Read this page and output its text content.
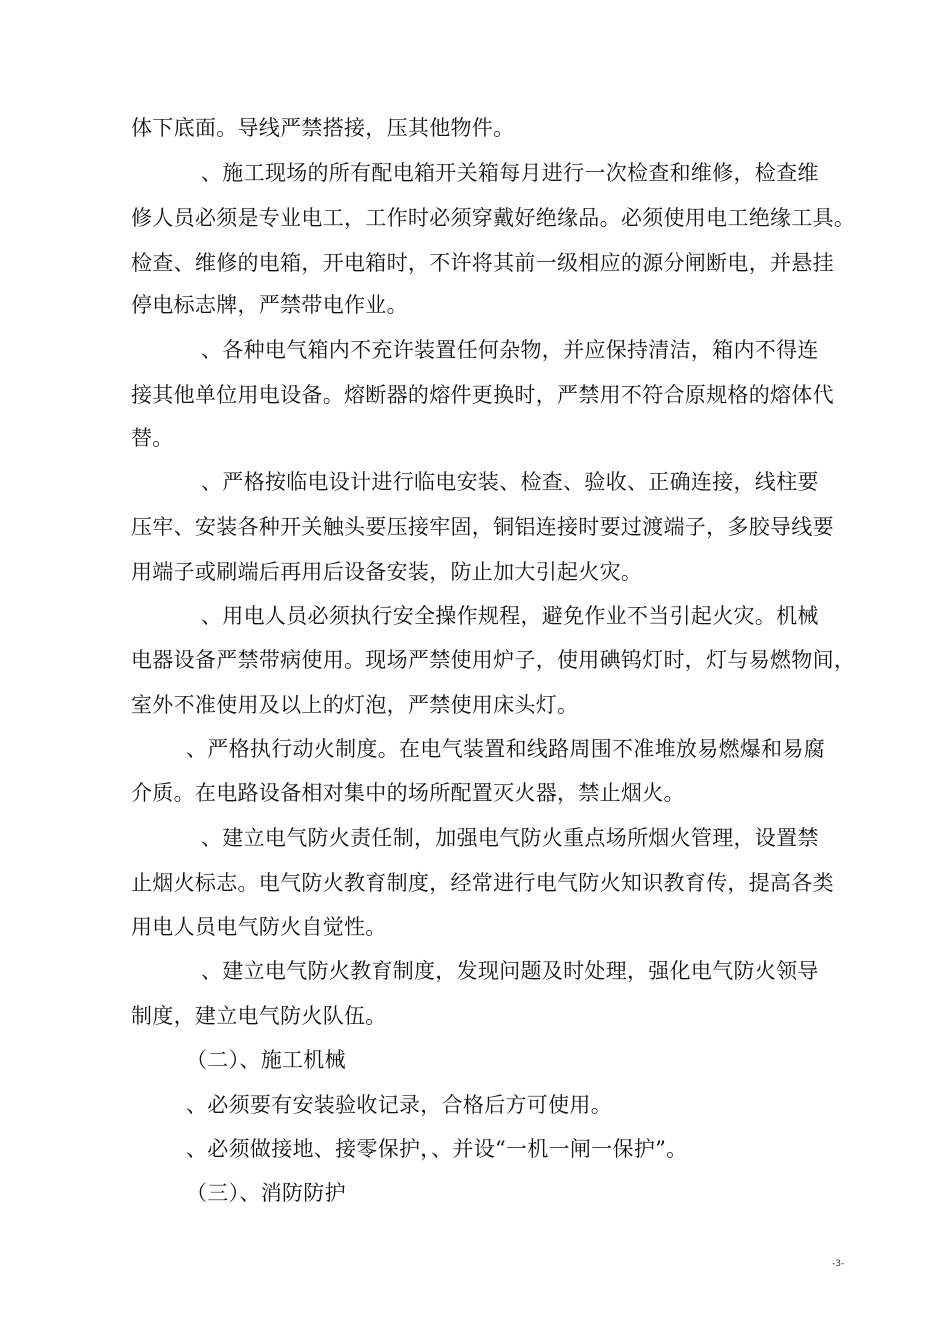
体下底面。导线严禁搭接，压其他物件。
、施工现场的所有配电箱开关箱每月进行一次检查和维修，检查维
修人员必须是专业电工，工作时必须穿戴好绝缘品。必须使用电工绝缘工具。
检查、维修的电箱，开电箱时，不许将其前一级相应的源分闸断电，并悬挂
停电标志牌，严禁带电作业。
、各种电气箱内不充许装置任何杂物，并应保持清洁，箱内不得连
接其他单位用电设备。熔断器的熔件更换时，严禁用不符合原规格的熔体代
替。
、严格按临电设计进行临电安装、检查、验收、正确连接，线柱要
压牢、安装各种开关触头要压接牢固，铜铝连接时要过渡端子，多胶导线要
用端子或刷端后再用后设备安装，防止加大引起火灾。
、用电人员必须执行安全操作规程，避免作业不当引起火灾。机械
电器设备严禁带病使用。现场严禁使用炉子，使用碘钨灯时，灯与易燃物间，
室外不准使用及以上的灯泡，严禁使用床头灯。
、严格执行动火制度。在电气装置和线路周围不准堆放易燃爆和易腐
介质。在电路设备相对集中的场所配置灭火器，禁止烟火。
、建立电气防火责任制，加强电气防火重点场所烟火管理，设置禁
止烟火标志。电气防火教育制度，经常进行电气防火知识教育传，提高各类
用电人员电气防火自觉性。
、建立电气防火教育制度，发现问题及时处理，强化电气防火领导
制度，建立电气防火队伍。
（二）、施工机械
、必须要有安装验收记录，合格后方可使用。
、必须做接地、接零保护，、并设“一机一闸一保护”。
（三）、消防防护
-3-
